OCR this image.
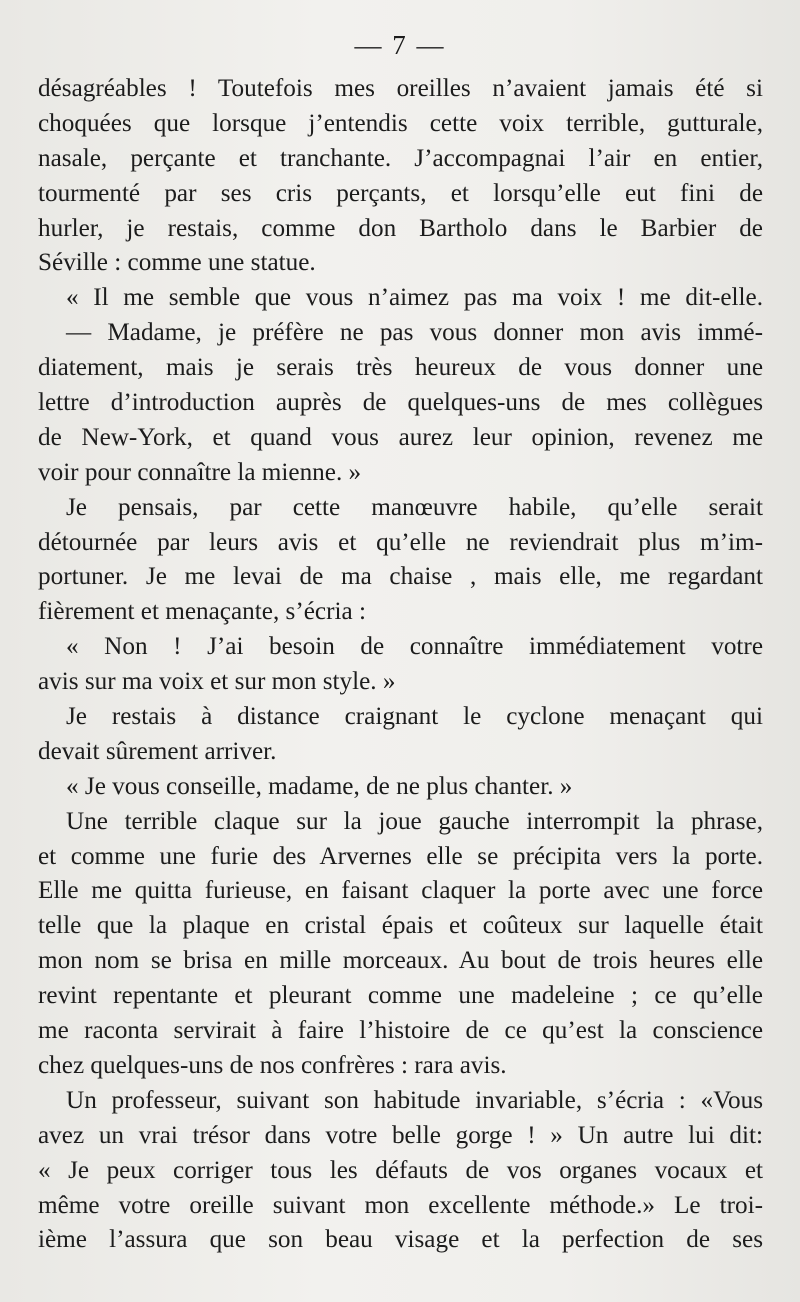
— 7 —
désagréables ! Toutefois mes oreilles n’avaient jamais été si
choquées que lorsque j’entendis cette voix terrible, gutturale,
nasale, perçante et tranchante. J’accompagnai l’air en entier,
tourmenté par ses cris perçants, et lorsqu’elle eut fini de
hurler, je restais, comme don Bartholo dans le Barbier de
Séville : comme une statue.
« Il me semble que vous n’aimez pas ma voix ! me dit-elle.
— Madame, je préfère ne pas vous donner mon avis immé-
diatement, mais je serais très heureux de vous donner une
lettre d’introduction auprès de quelques-uns de mes collègues
de New-York, et quand vous aurez leur opinion, revenez me
voir pour connaître la mienne. »
Je pensais, par cette manœuvre habile, qu’elle serait
détournée par leurs avis et qu’elle ne reviendrait plus m’im-
portuner. Je me levai de ma chaise , mais elle, me regardant
fièrement et menaçante, s’écria :
« Non ! J’ai besoin de connaître immédiatement votre
avis sur ma voix et sur mon style. »
Je restais à distance craignant le cyclone menaçant qui
devait sûrement arriver.
« Je vous conseille, madame, de ne plus chanter. »
Une terrible claque sur la joue gauche interrompit la phrase,
et comme une furie des Arvernes elle se précipita vers la porte.
Elle me quitta furieuse, en faisant claquer la porte avec une force
telle que la plaque en cristal épais et coûteux sur laquelle était
mon nom se brisa en mille morceaux. Au bout de trois heures elle
revint repentante et pleurant comme une madeleine ; ce qu’elle
me raconta servirait à faire l’histoire de ce qu’est la conscience
chez quelques-uns de nos confrères : rara avis.
Un professeur, suivant son habitude invariable, s’écria : «Vous
avez un vrai trésor dans votre belle gorge ! » Un autre lui dit:
« Je peux corriger tous les défauts de vos organes vocaux et
même votre oreille suivant mon excellente méthode.» Le troi-
ième l’assura que son beau visage et la perfection de ses
